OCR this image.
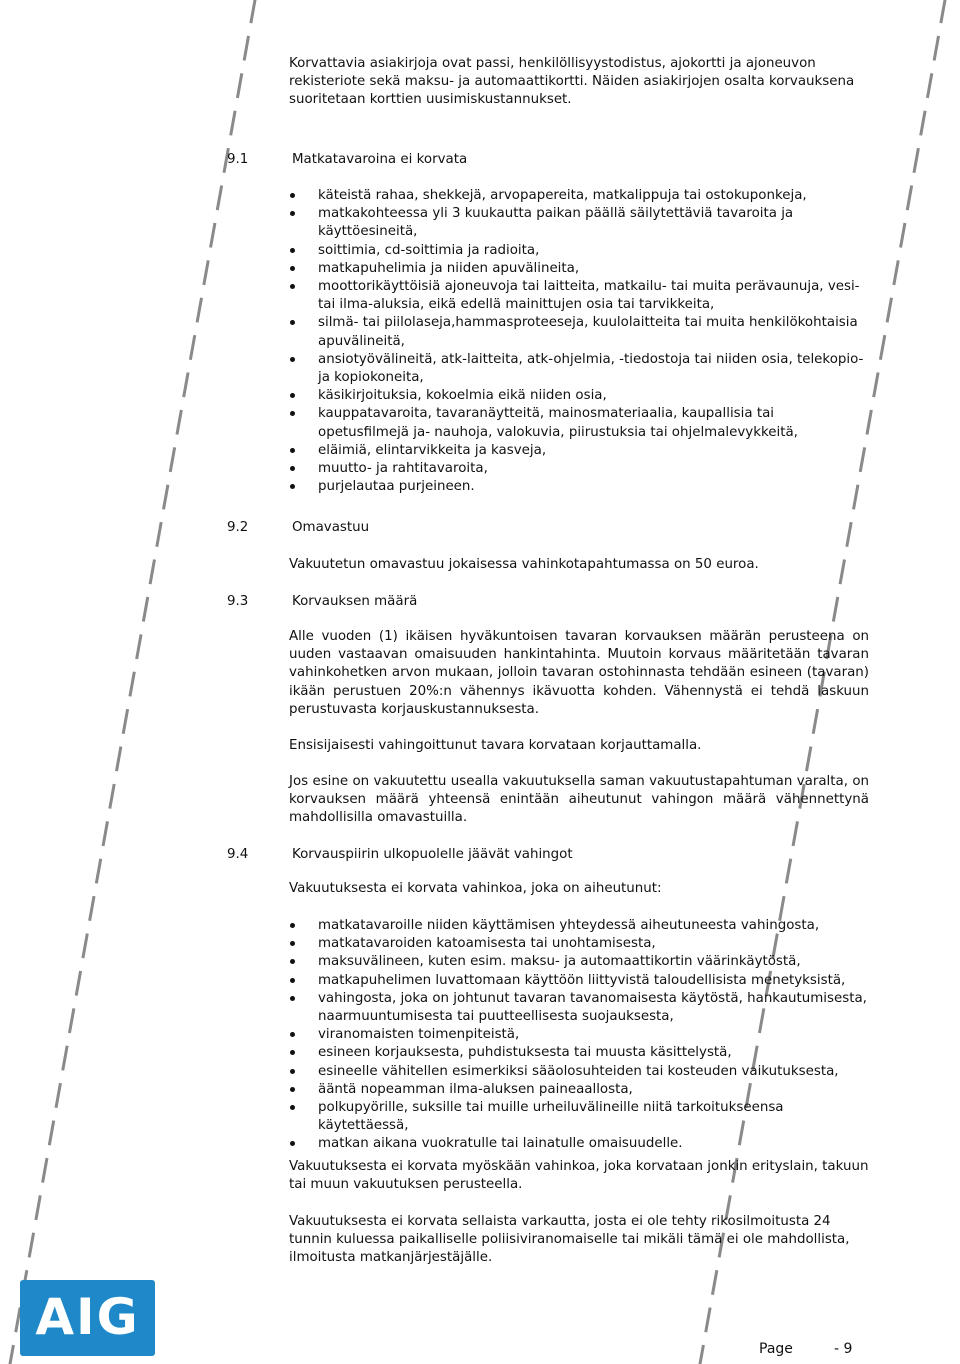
Korvattavia asiakirjoja ovat passi, henkilöllisyystodistus, ajokortti ja ajoneuvon rekisteriote sekä maksu- ja automaattikortti. Näiden asiakirjojen osalta korvauksena suoritetaan korttien uusimiskustannukset.

9.1	Matkatavaroina ei korvata
käteistä rahaa, shekkejä, arvopapereita, matkalippuja tai ostokuponkeja,
matkakohteessa yli 3 kuukautta paikan päällä säilytettäviä tavaroita ja käyttöesineitä,
soittimia, cd-soittimia ja radioita,
matkapuhelimia ja niiden apuvälineita,
moottorikäyttöisiä ajoneuvoja tai laitteita, matkailu- tai muita perävaunuja, vesi- tai ilma-aluksia, eikä edellä mainittujen osia tai tarvikkeita,
silmä- tai piilolaseja,hammasproteeseja, kuulolaitteita tai muita henkilökohtaisia apuvälineitä,
ansiotyövälineitä, atk-laitteita, atk-ohjelmia, -tiedostoja tai niiden osia, telekopio- ja kopiokoneita,
käsikirjoituksia, kokoelmia eikä niiden osia,
kauppatavaroita, tavaranäytteitä, mainosmateriaalia, kaupallisia tai opetusfilmejä ja- nauhoja, valokuvia, piirustuksia tai ohjelmalevykkeitä,
eläimiä, elintarvikkeita ja kasveja,
muutto- ja rahtitavaroita,
purjelautaa purjeineen.
9.2	Omavastuu

Vakuutetun omavastuu jokaisessa vahinkotapahtumassa on 50 euroa.

9.3	Korvauksen määrä

Alle vuoden (1) ikäisen hyväkuntoisen tavaran korvauksen määrän perusteena on uuden vastaavan omaisuuden hankintahinta. Muutoin korvaus määritetään tavaran vahinkohetken arvon mukaan, jolloin tavaran ostohinnasta tehdään esineen (tavaran) ikään perustuen 20%:n vähennys ikävuotta kohden. Vähennystä ei tehdä laskuun perustuvasta korjauskustannuksesta.

Ensisijaisesti vahingoittunut tavara korvataan korjauttamalla.

Jos esine on vakuutettu usealla vakuutuksella saman vakuutustapahtuman varalta, on korvauksen määrä yhteensä enintään aiheutunut vahingon määrä vähennettynä mahdollisilla omavastuilla.

9.4	Korvauspiirin ulkopuolelle jäävät vahingot

Vakuutuksesta ei korvata vahinkoa, joka on aiheutunut:

matkatavaroille niiden käyttämisen yhteydessä aiheutuneesta vahingosta,
matkatavaroiden katoamisesta tai unohtamisesta,
maksuvälineen, kuten esim. maksu- ja automaattikortin väärinkäytöstä,
matkapuhelimen luvattomaan käyttöön liittyvistä taloudellisista menetyksistä,
vahingosta, joka on johtunut tavaran tavanomaisesta käytöstä, hankautumisesta, naarmuuntumisesta tai puutteellisesta suojauksesta,
viranomaisten toimenpiteistä,
esineen korjauksesta, puhdistuksesta tai muusta käsittelystä,
esineelle vähitellen esimerkiksi sääolosuhteiden tai kosteuden vaikutuksesta,
ääntä nopeamman ilma-aluksen paineaallosta,
polkupyörille, suksille tai muille urheiluvälineille niitä tarkoitukseensa käytettäessä,
matkan aikana vuokratulle tai lainatulle omaisuudelle.

Vakuutuksesta ei korvata myöskään vahinkoa, joka korvataan jonkin erityslain, takuun tai muun vakuutuksen perusteella.

Vakuutuksesta ei korvata sellaista varkautta, josta ei ole tehty rikosilmoitusta 24 tunnin kuluessa paikalliselle poliisiviranomaiselle tai mikäli tämä ei ole mahdollista, ilmoitusta matkanjärjestäjälle.

AIG
Page	- 9
